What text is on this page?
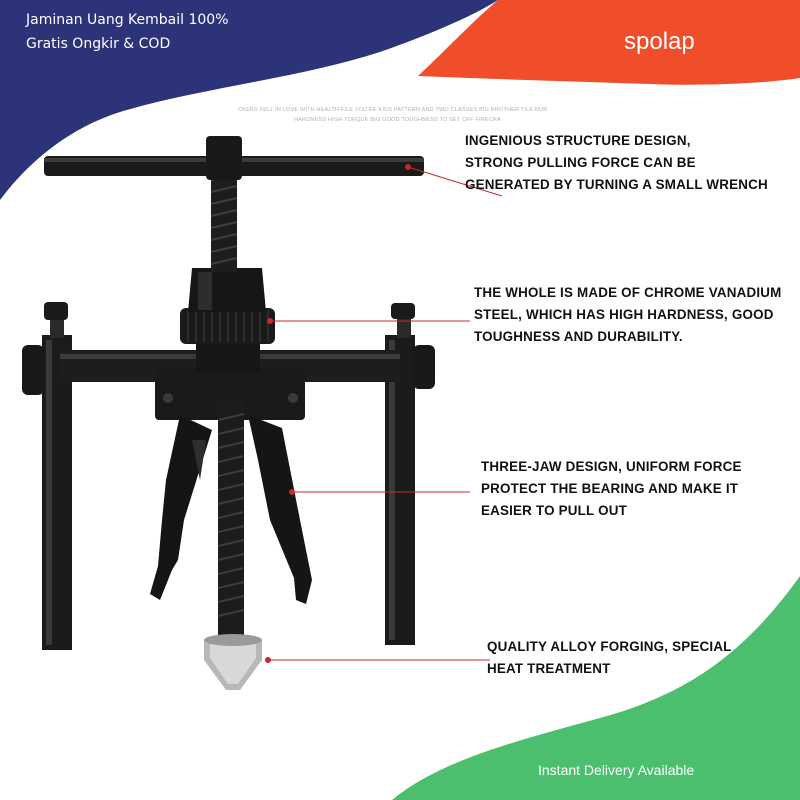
Jaminan Uang Kembail 100%
Gratis Ongkir & COD	spolap
Instant Delivery Available
CKERS FELL IN LOVE WITH HEALTH FILE YOU EE KIDS PATTERN AND TWO CLASSES BIG BROTHER TILE NUR
HARDNESS HIGH TORQUE BIG GOOD TOUGHNESS TO SET OFF FIRECRA
INGENIOUS STRUCTURE DESIGN,
STRONG PULLING FORCE CAN BE
GENERATED BY TURNING A SMALL WRENCH
THE WHOLE IS MADE OF CHROME VANADIUM
STEEL, WHICH HAS HIGH HARDNESS, GOOD
TOUGHNESS AND DURABILITY.
THREE-JAW DESIGN, UNIFORM FORCE
PROTECT THE BEARING AND MAKE IT
EASIER TO PULL OUT
QUALITY ALLOY FORGING, SPECIAL
HEAT TREATMENT
